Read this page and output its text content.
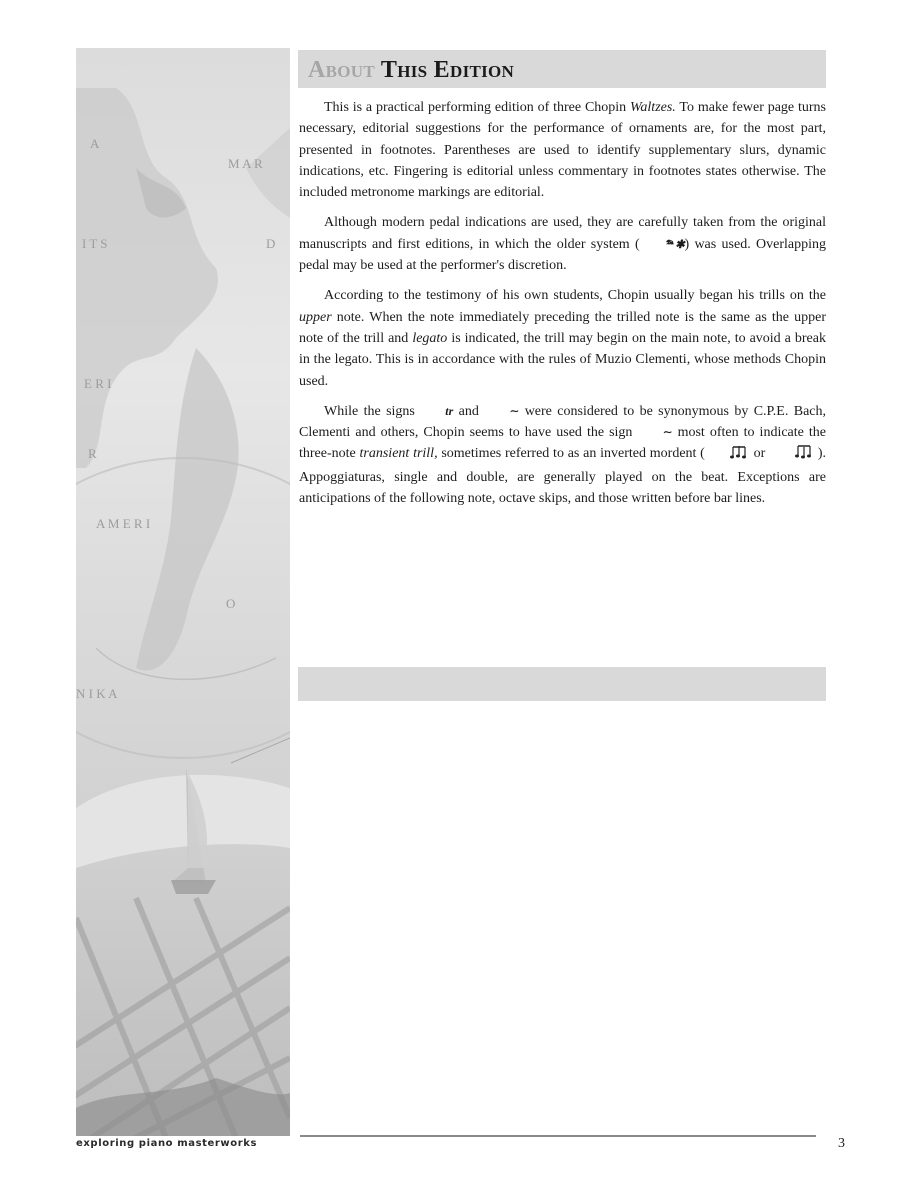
A
M A R
I T S	D
E R I
R
A M E R I
O
N I K A
About This Edition

This is a practical performing edition of three Chopin Waltzes. To make fewer page turns necessary, editorial suggestions for the performance of ornaments are, for the most part, presented in footnotes. Parentheses are used to identify supplementary slurs, dynamic indications, etc. Fingering is editorial unless commentary in footnotes states otherwise. The included metronome markings are editorial.

Although modern pedal indications are used, they are carefully taken from the original manuscripts and first editions, in which the older system ( 𝆮 ✱) was used. Overlapping pedal may be used at the performer's discretion.

According to the testimony of his own students, Chopin usually began his trills on the upper note. When the note immediately preceding the trilled note is the same as the upper note of the trill and legato is indicated, the trill may begin on the main note, to avoid a break in the legato. This is in accordance with the rules of Muzio Clementi, whose methods Chopin used.

While the signs tr and ∼ were considered to be synonymous by C.P.E. Bach, Clementi and others, Chopin seems to have used the sign ∼ most often to indicate the three-note transient trill, sometimes referred to as an inverted mordent (	or	). Appoggiaturas, single and double, are generally played on the beat. Exceptions are anticipations of the following note, octave skips, and those written before bar lines.

exploring piano masterworks	3
